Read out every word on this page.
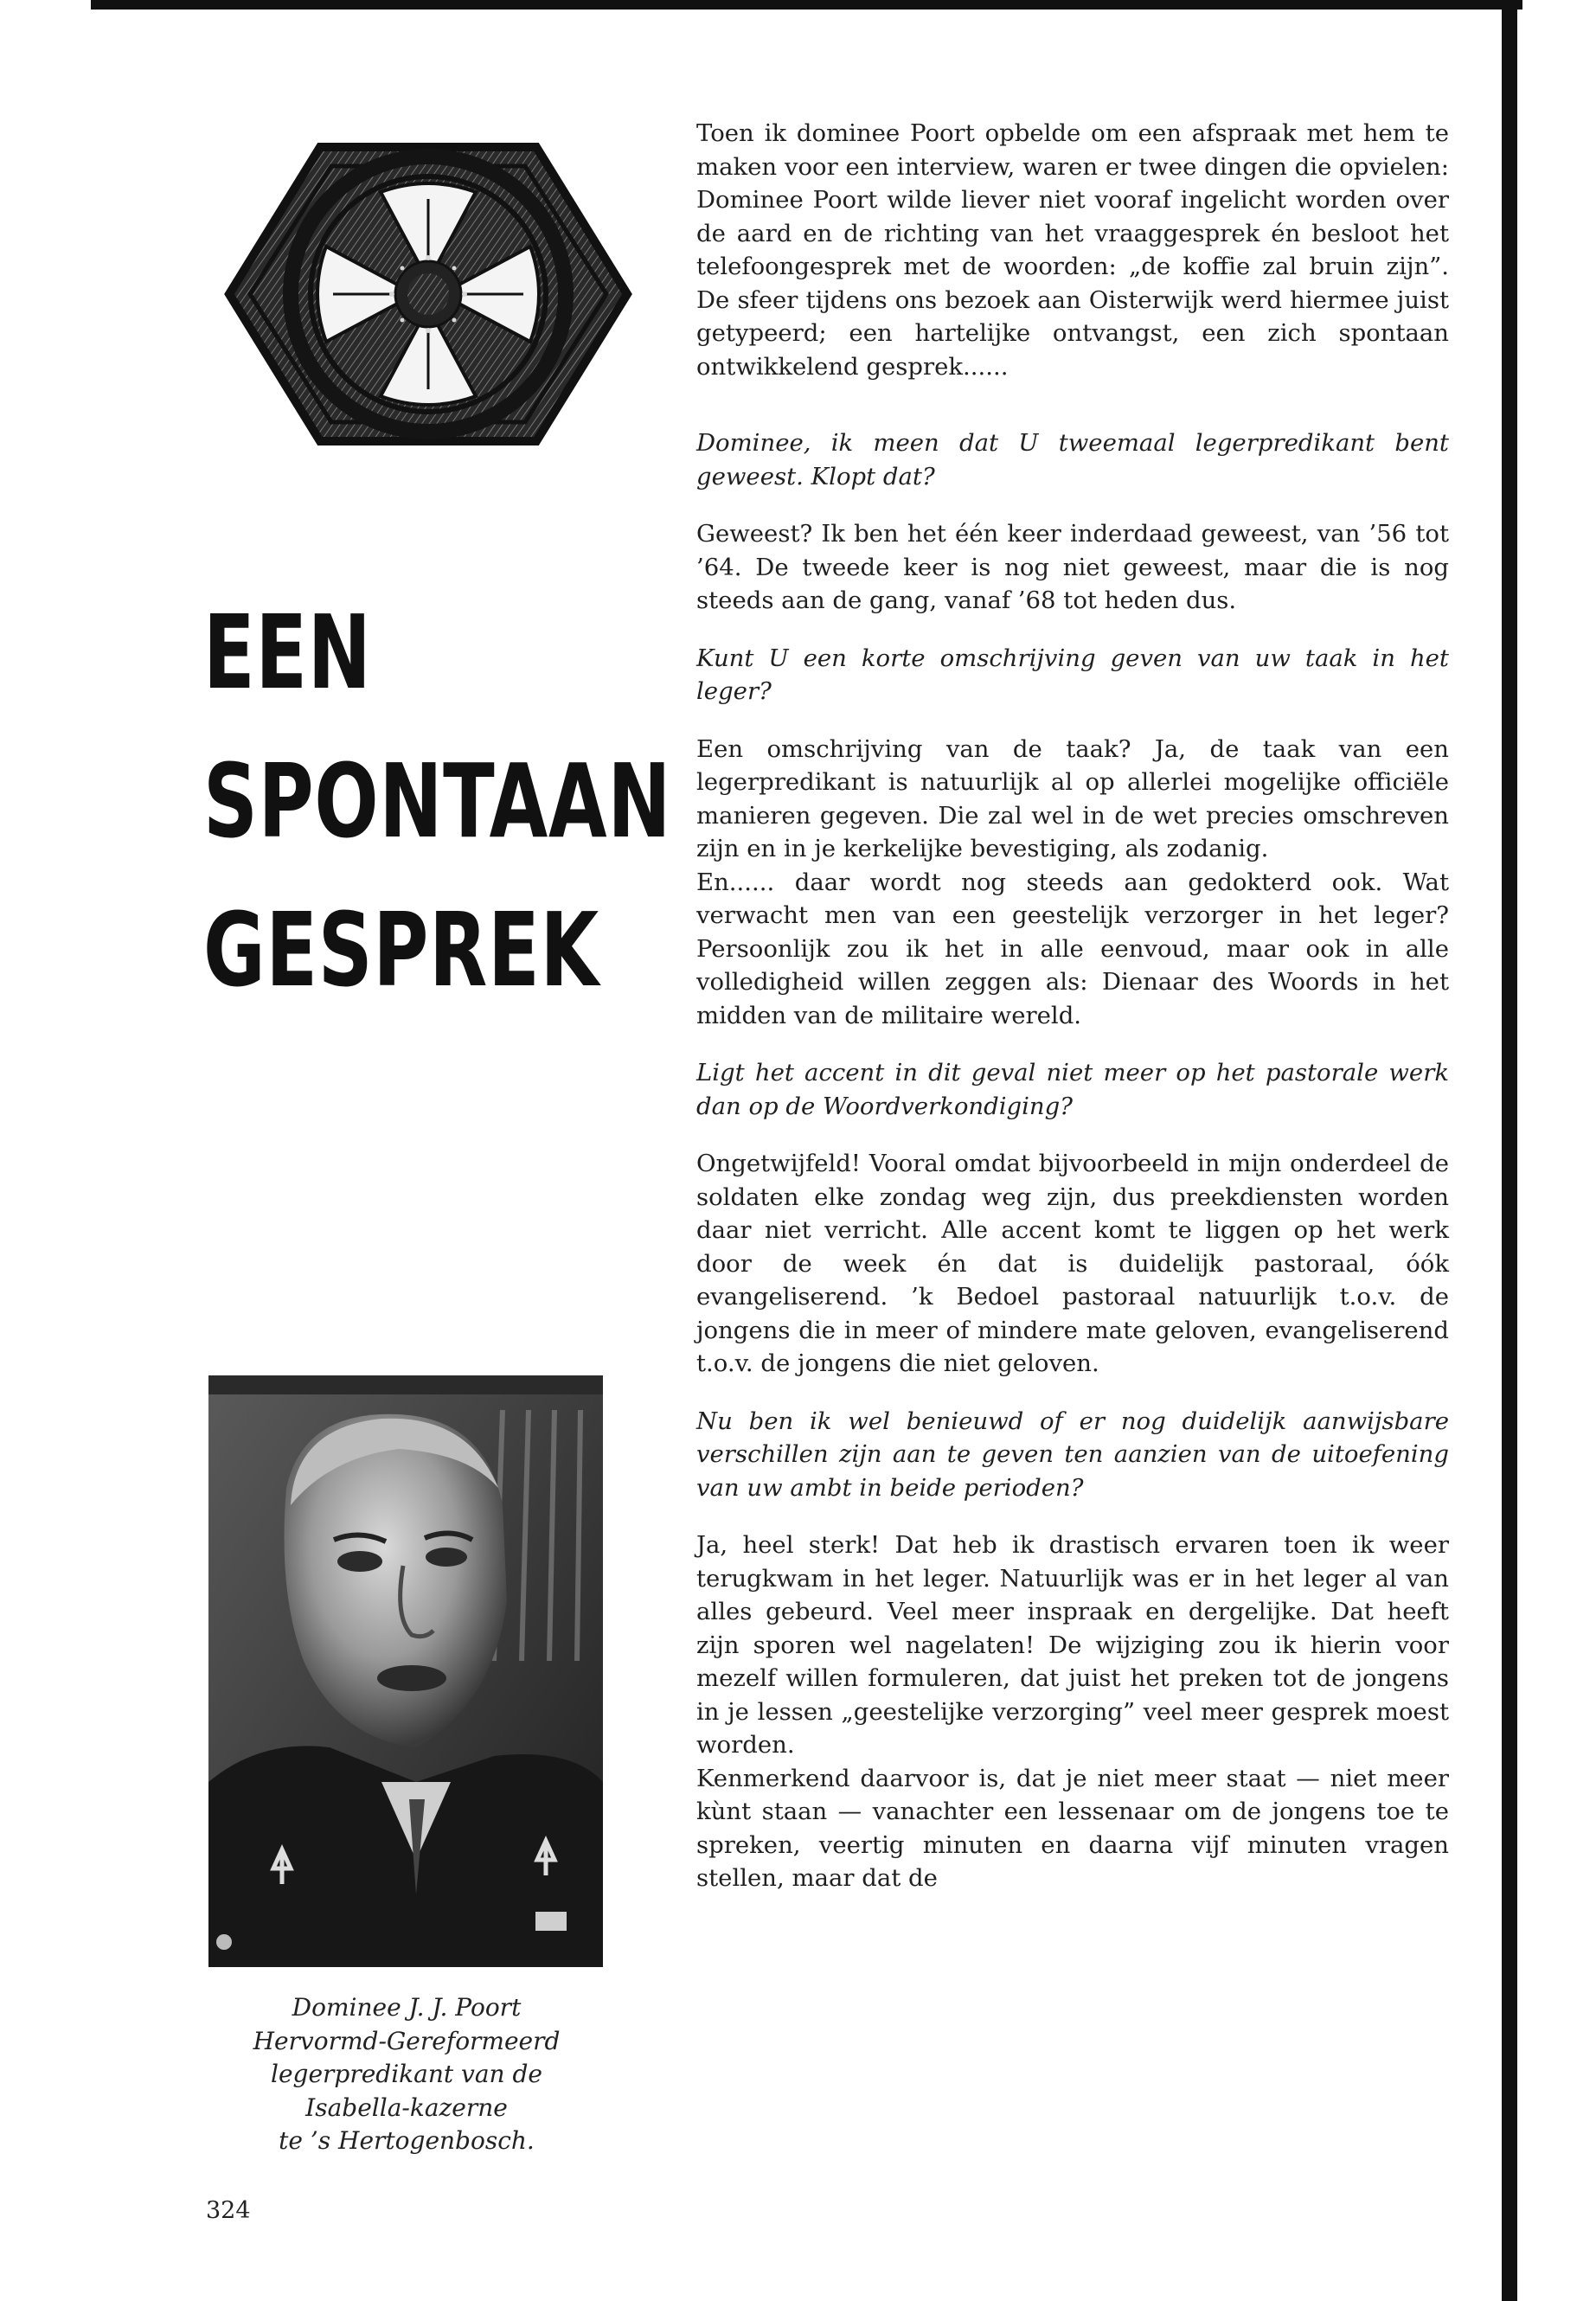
EEN
SPONTAAN
GESPREK
Dominee J. J. Poort
Hervormd-Gereformeerd
legerpredikant van de
Isabella-kazerne
te ’s Hertogenbosch.
324

Toen ik dominee Poort opbelde om een afspraak met hem te maken voor een interview, waren er twee dingen die opvielen: Dominee Poort wilde liever niet vooraf ingelicht worden over de aard en de richting van het vraaggesprek én besloot het telefoongesprek met de woorden: „de koffie zal bruin zijn”. De sfeer tijdens ons bezoek aan Oisterwijk werd hiermee juist getypeerd; een hartelijke ontvangst, een zich spontaan ontwikkelend gesprek......

Dominee, ik meen dat U tweemaal legerpredikant bent geweest. Klopt dat?

Geweest? Ik ben het één keer inderdaad geweest, van ’56 tot ’64. De tweede keer is nog niet geweest, maar die is nog steeds aan de gang, vanaf ’68 tot heden dus.

Kunt U een korte omschrijving geven van uw taak in het leger?

Een omschrijving van de taak? Ja, de taak van een legerpredikant is natuurlijk al op allerlei mogelijke officiële manieren gegeven. Die zal wel in de wet precies omschreven zijn en in je kerkelijke bevestiging, als zodanig.

En...... daar wordt nog steeds aan gedokterd ook. Wat verwacht men van een geestelijk verzorger in het leger? Persoonlijk zou ik het in alle eenvoud, maar ook in alle volledigheid willen zeggen als: Dienaar des Woords in het midden van de militaire wereld.

Ligt het accent in dit geval niet meer op het pastorale werk dan op de Woordverkondiging?

Ongetwijfeld! Vooral omdat bijvoorbeeld in mijn onderdeel de soldaten elke zondag weg zijn, dus preekdiensten worden daar niet verricht. Alle accent komt te liggen op het werk door de week én dat is duidelijk pastoraal, óók evangeliserend. ’k Bedoel pastoraal natuurlijk t.o.v. de jongens die in meer of mindere mate geloven, evangeliserend t.o.v. de jongens die niet geloven.

Nu ben ik wel benieuwd of er nog duidelijk aanwijsbare verschillen zijn aan te geven ten aanzien van de uitoefening van uw ambt in beide perioden?

Ja, heel sterk! Dat heb ik drastisch ervaren toen ik weer terugkwam in het leger. Natuurlijk was er in het leger al van alles gebeurd. Veel meer inspraak en dergelijke. Dat heeft zijn sporen wel nagelaten! De wijziging zou ik hierin voor mezelf willen formuleren, dat juist het preken tot de jongens in je lessen „geestelijke verzorging” veel meer gesprek moest worden.

Kenmerkend daarvoor is, dat je niet meer staat — niet meer kùnt staan — vanachter een lessenaar om de jongens toe te spreken, veertig minuten en daarna vijf minuten vragen stellen, maar dat de
